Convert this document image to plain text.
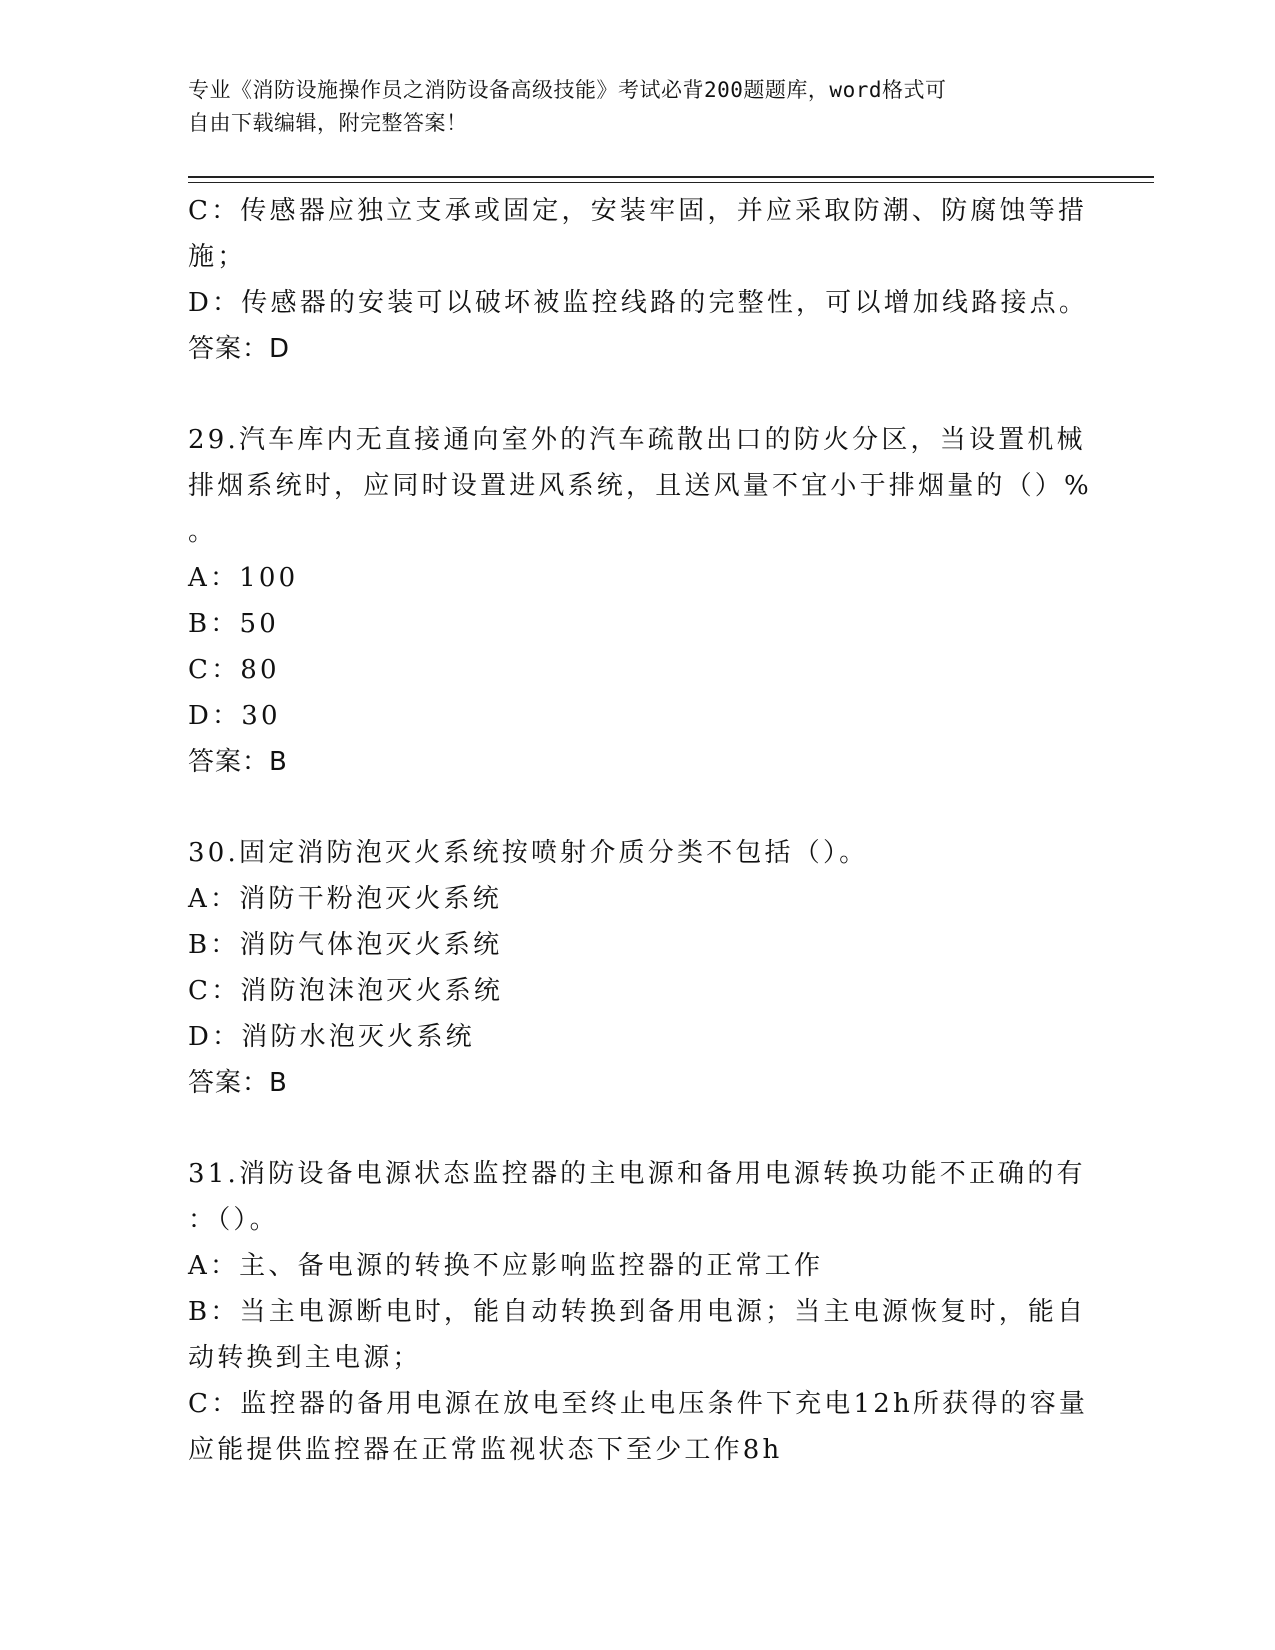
专业《消防设施操作员之消防设备高级技能》考试必背200题题库，word格式可
自由下载编辑，附完整答案！
C：传感器应独立支承或固定，安装牢固，并应采取防潮、防腐蚀等措
施；
D：传感器的安装可以破坏被监控线路的完整性，可以增加线路接点。
答案：D
29.汽车库内无直接通向室外的汽车疏散出口的防火分区，当设置机械
排烟系统时，应同时设置进风系统，且送风量不宜小于排烟量的（）%
。
A：100
B：50
C：80
D：30
答案：B
30.固定消防泡灭火系统按喷射介质分类不包括（）。
A：消防干粉泡灭火系统
B：消防气体泡灭火系统
C：消防泡沫泡灭火系统
D：消防水泡灭火系统
答案：B
31.消防设备电源状态监控器的主电源和备用电源转换功能不正确的有
：（）。
A：主、备电源的转换不应影响监控器的正常工作
B：当主电源断电时，能自动转换到备用电源；当主电源恢复时，能自
动转换到主电源；
C：监控器的备用电源在放电至终止电压条件下充电12h所获得的容量
应能提供监控器在正常监视状态下至少工作8h
